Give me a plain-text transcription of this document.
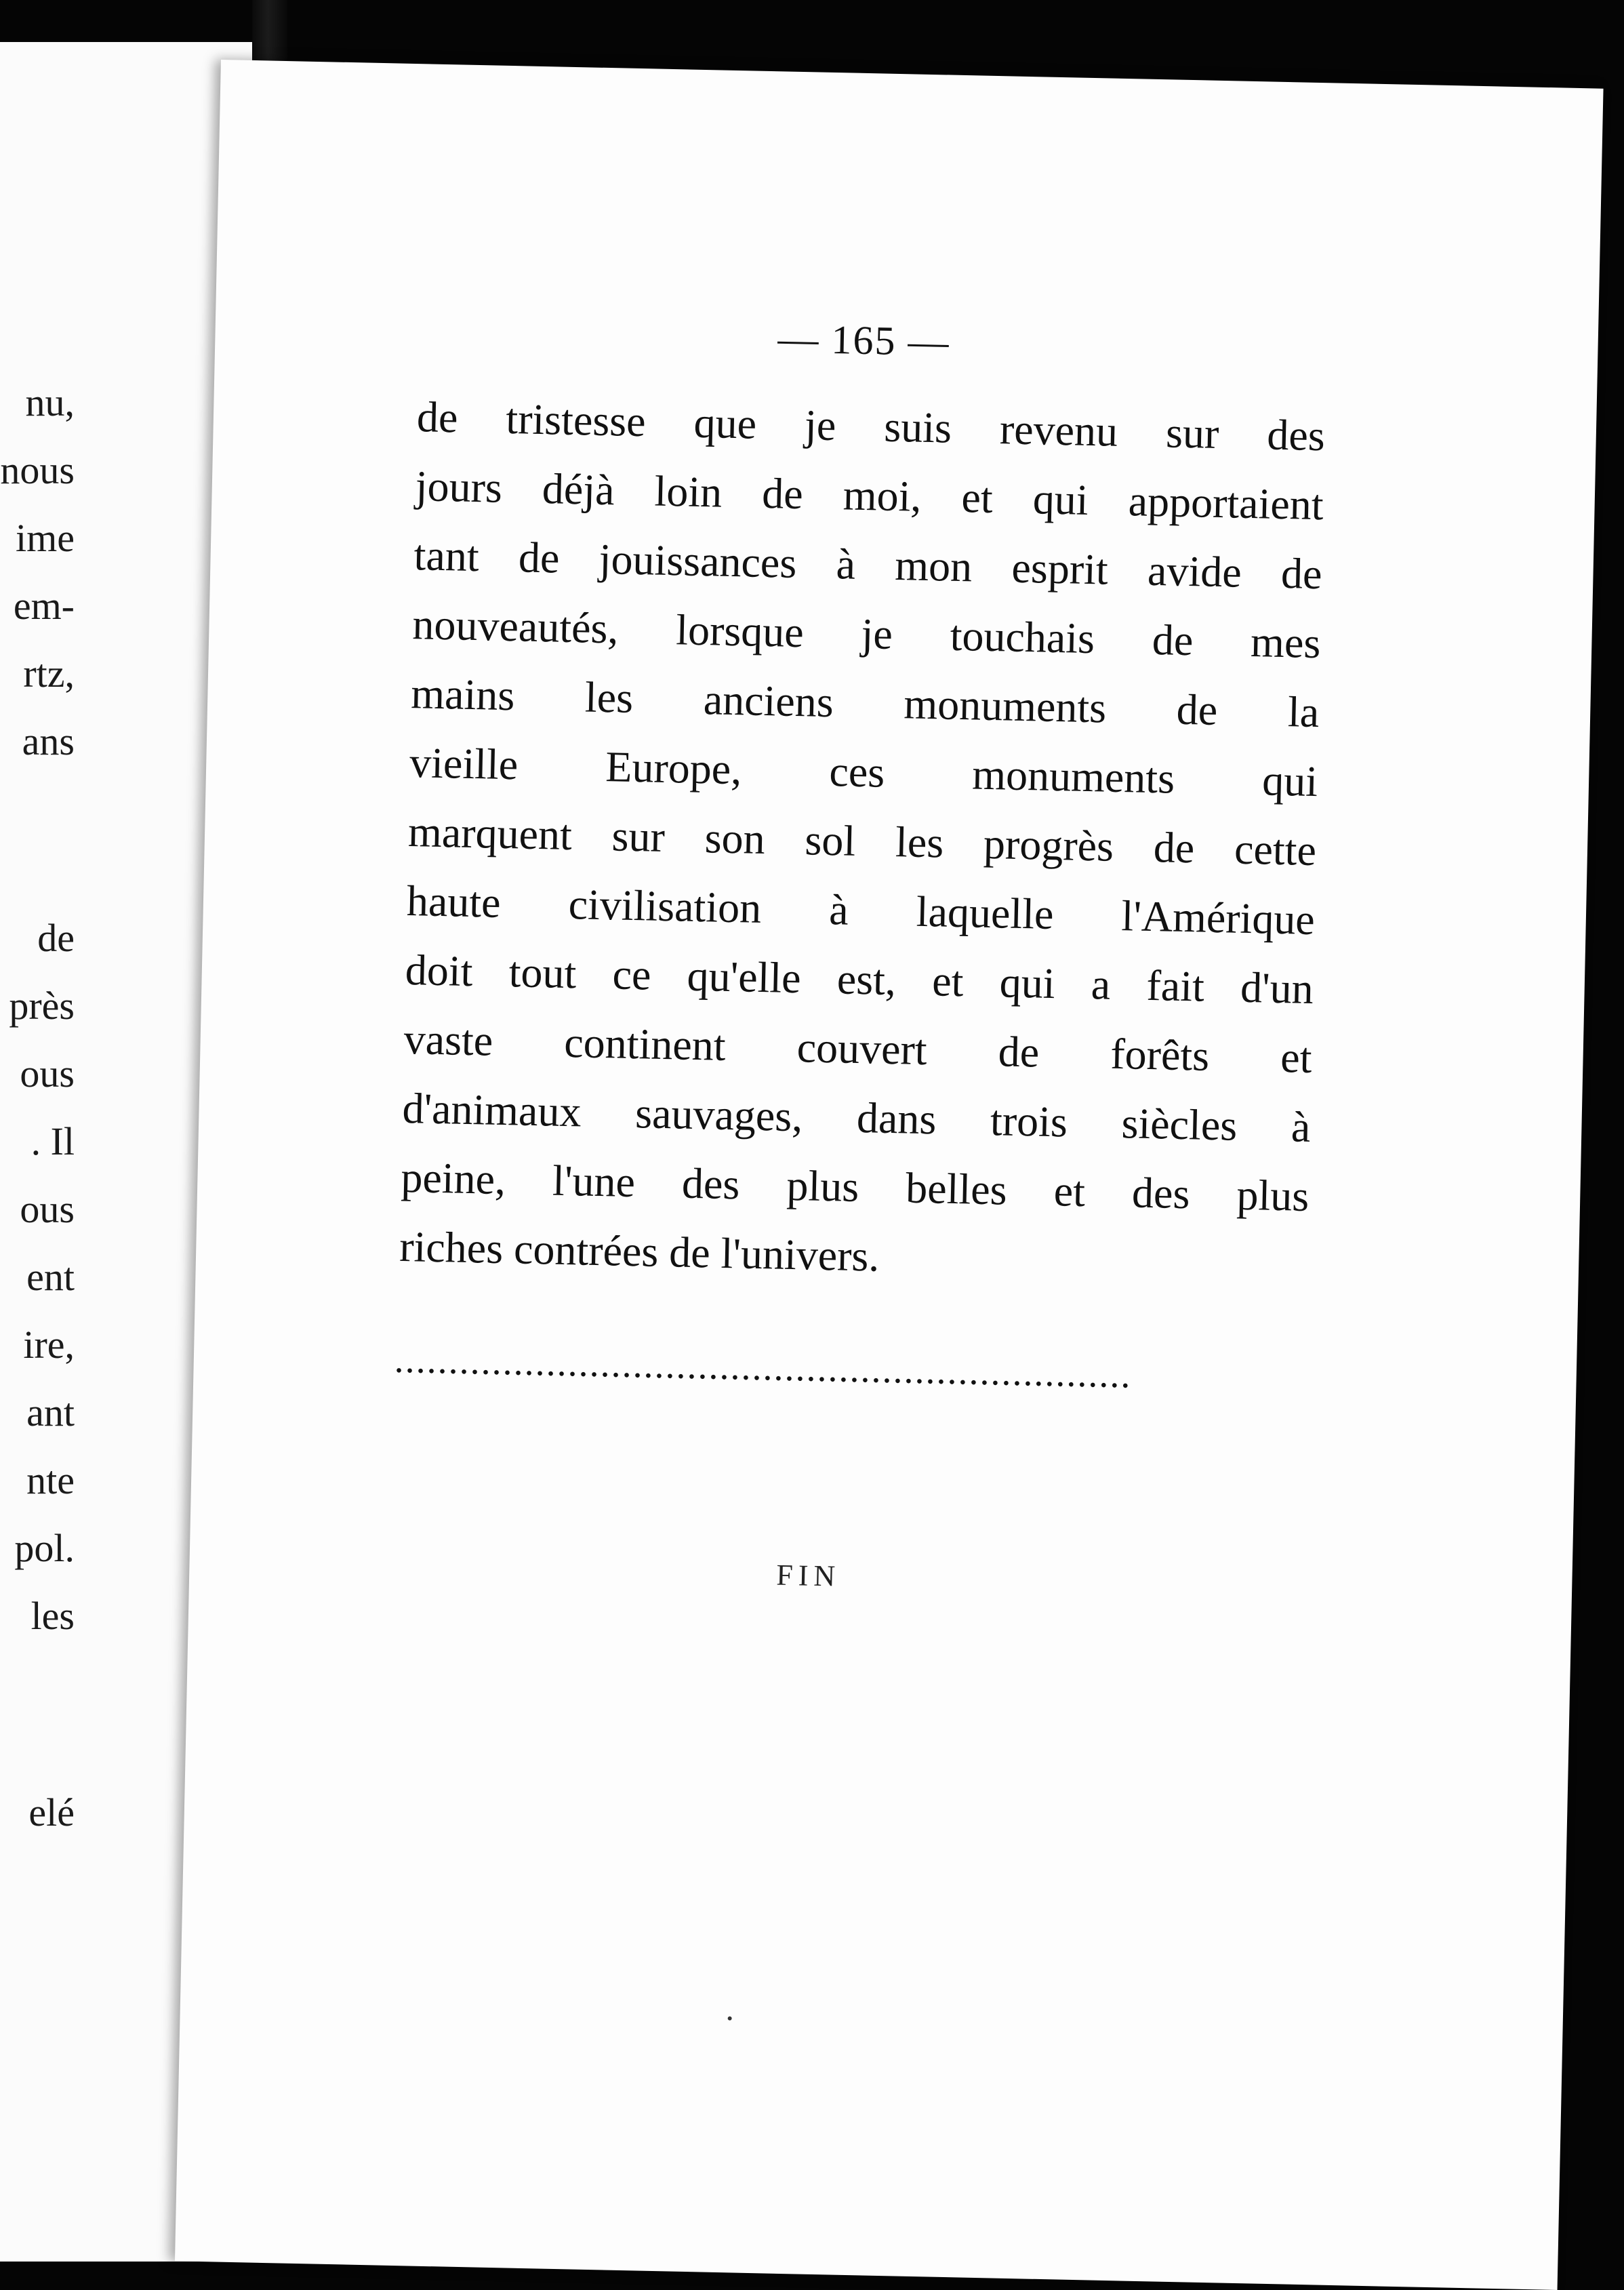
nu,
nous
ime
em-
rtz,
ans
de
près
ous
. Il
ous
ent
ire,
ant
nte
pol.
les
elé
— 165 —
de tristesse que je suis revenu sur des
jours déjà loin de moi, et qui apportaient
tant de jouissances à mon esprit avide de
nouveautés, lorsque je touchais de mes
mains les anciens monuments de la
vieille Europe, ces monuments qui
marquent sur son sol les progrès de cette
haute civilisation à laquelle l'Amérique
doit tout ce qu'elle est, et qui a fait d'un
vaste continent couvert de forêts et
d'animaux sauvages, dans trois siècles à
peine, l'une des plus belles et des plus
riches contrées de l'univers.
....................................................................
FIN
